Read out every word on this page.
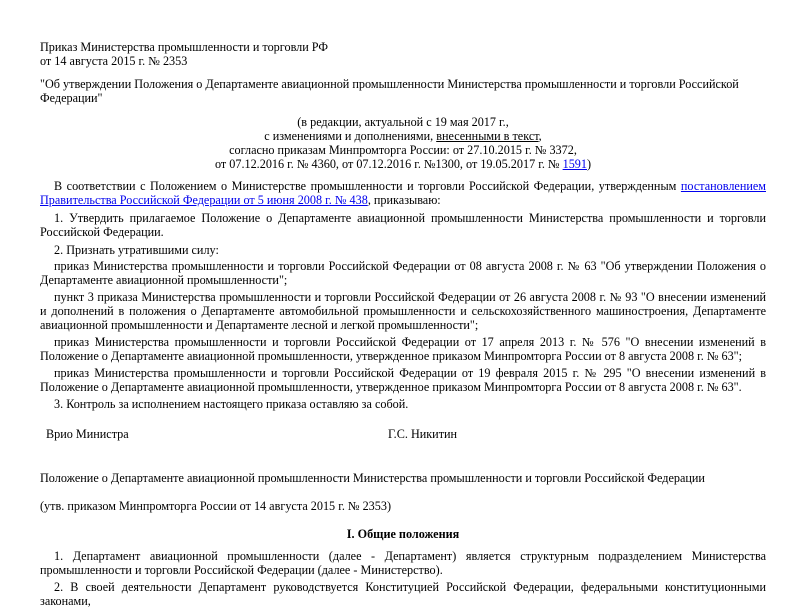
Приказ Министерства промышленности и торговли РФ

от 14 августа 2015 г. № 2353

"Об утверждении Положения о Департаменте авиационной промышленности Министерства промышленности и торговли Российской Федерации"

(в редакции, актуальной с 19 мая 2017 г.,

с изменениями и дополнениями, внесенными в текст,

согласно приказам Минпромторга России: от 27.10.2015 г. № 3372,

от 07.12.2016 г. № 4360, от 07.12.2016 г. №1300, от 19.05.2017 г. № 1591)

В соответствии с Положением о Министерстве промышленности и торговли Российской Федерации, утвержденным постановлением Правительства Российской Федерации от 5 июня 2008 г. № 438, приказываю:

1. Утвердить прилагаемое Положение о Департаменте авиационной промышленности Министерства промышленности и торговли Российской Федерации.

2. Признать утратившими силу:

приказ Министерства промышленности и торговли Российской Федерации от 08 августа 2008 г. № 63 "Об утверждении Положения о Департаменте авиационной промышленности";

пункт 3 приказа Министерства промышленности и торговли Российской Федерации от 26 августа 2008 г. № 93 "О внесении изменений и дополнений в положения о Департаменте автомобильной промышленности и сельскохозяйственного машиностроения, Департаменте авиационной промышленности и Департаменте лесной и легкой промышленности";

приказ Министерства промышленности и торговли Российской Федерации от 17 апреля 2013 г. № 576 "О внесении изменений в Положение о Департаменте авиационной промышленности, утвержденное приказом Минпромторга России от 8 августа 2008 г. № 63";

приказ Министерства промышленности и торговли Российской Федерации от 19 февраля 2015 г. № 295 "О внесении изменений в Положение о Департаменте авиационной промышленности, утвержденное приказом Минпромторга России от 8 августа 2008 г. № 63".

3. Контроль за исполнением настоящего приказа оставляю за собой.

Врио Министра	Г.С. Никитин

Положение о Департаменте авиационной промышленности Министерства промышленности и торговли Российской Федерации

(утв. приказом Минпромторга России от 14 августа 2015 г. № 2353)

I. Общие положения

1. Департамент авиационной промышленности (далее - Департамент) является структурным подразделением Министерства промышленности и торговли Российской Федерации (далее - Министерство).

2. В своей деятельности Департамент руководствуется Конституцией Российской Федерации, федеральными конституционными законами,
